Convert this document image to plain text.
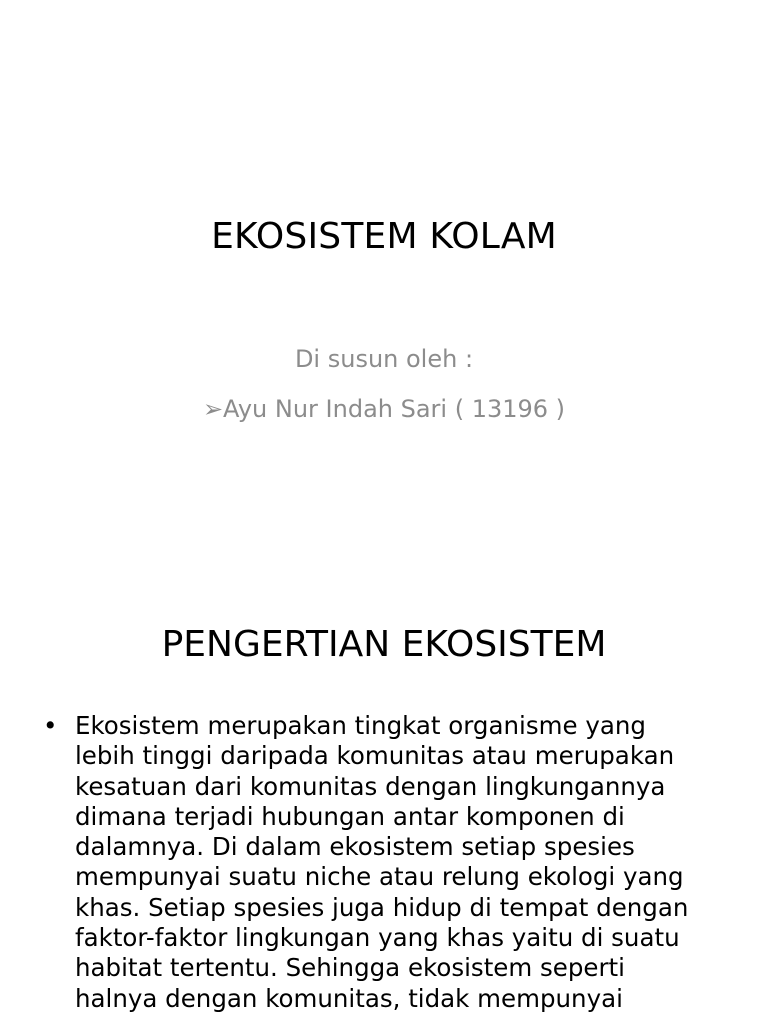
EKOSISTEM KOLAM
Di susun oleh :
➢Ayu Nur Indah Sari ( 13196 )
PENGERTIAN EKOSISTEM
• Ekosistem merupakan tingkat organisme yang
lebih tinggi daripada komunitas atau merupakan
kesatuan dari komunitas dengan lingkungannya
dimana terjadi hubungan antar komponen di
dalamnya. Di dalam ekosistem setiap spesies
mempunyai suatu niche atau relung ekologi yang
khas. Setiap spesies juga hidup di tempat dengan
faktor-faktor lingkungan yang khas yaitu di suatu
habitat tertentu. Sehingga ekosistem seperti
halnya dengan komunitas, tidak mempunyai
